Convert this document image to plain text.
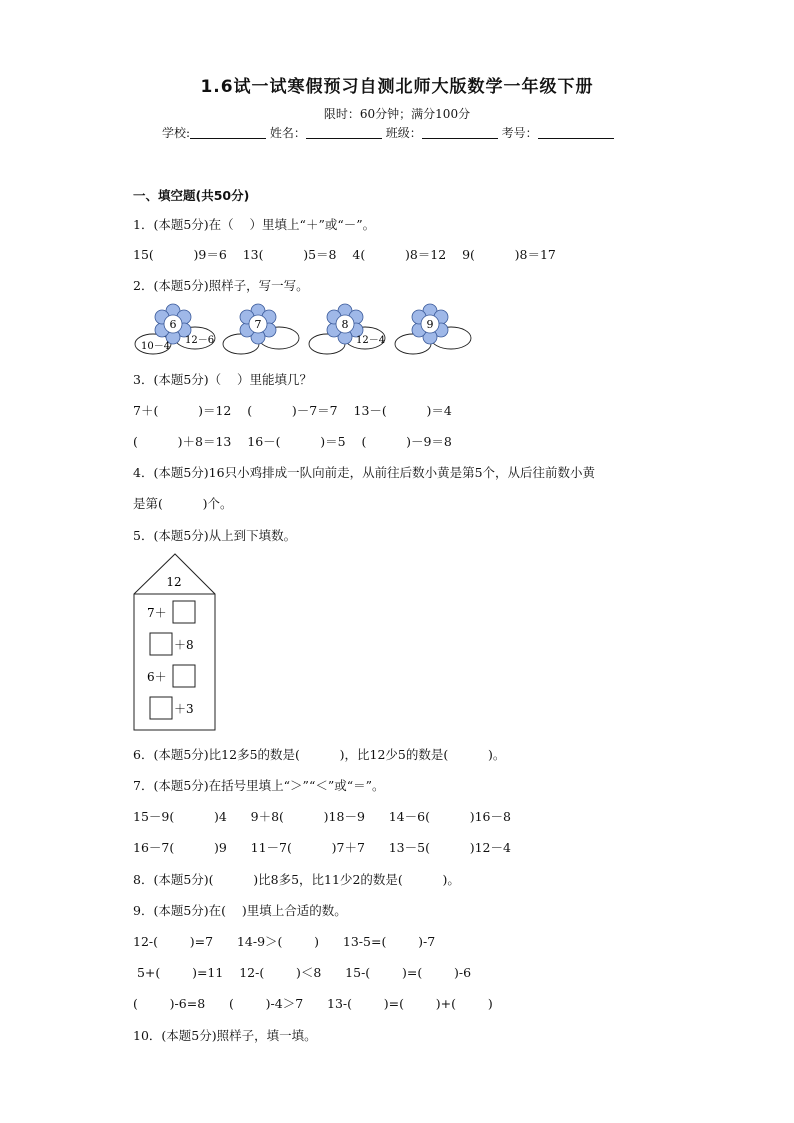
1.6试一试寒假预习自测北师大版数学一年级下册
限时：60分钟；满分100分
学校:	姓名：	班级：	考号：
一、填空题(共50分)
1．(本题5分)在（    ）里填上“＋”或“－”。
15(          )9＝6    13(          )5＝8    4(          )8＝12    9(          )8＝17
2．(本题5分)照样子，写一写。
6
10－4
12－6
7	8
12－4
9
3．(本题5分)（    ）里能填几？
7＋(          )＝12    (          )－7＝7    13－(          )＝4
(          )＋8＝13    16－(          )＝5    (          )－9＝8
4．(本题5分)16只小鸡排成一队向前走，从前往后数小黄是第5个，从后往前数小黄
是第(          )个。
5．(本题5分)从上到下填数。
12
7＋
＋8
6＋
＋3
6．(本题5分)比12多5的数是(          )，比12少5的数是(          )。
7．(本题5分)在括号里填上“＞”“＜”或“＝”。
15－9(          )4      9＋8(          )18－9      14－6(          )16－8
16－7(          )9      11－7(          )7＋7      13－5(          )12－4
8．(本题5分)(          )比8多5，比11少2的数是(          )。
9．(本题5分)在(    )里填上合适的数。
12-(        )=7      14-9＞(        )      13-5=(        )-7
5+(        )=11    12-(        )＜8      15-(        )=(        )-6
(        )-6=8      (        )-4＞7      13-(        )=(        )+(        )
10．(本题5分)照样子，填一填。
